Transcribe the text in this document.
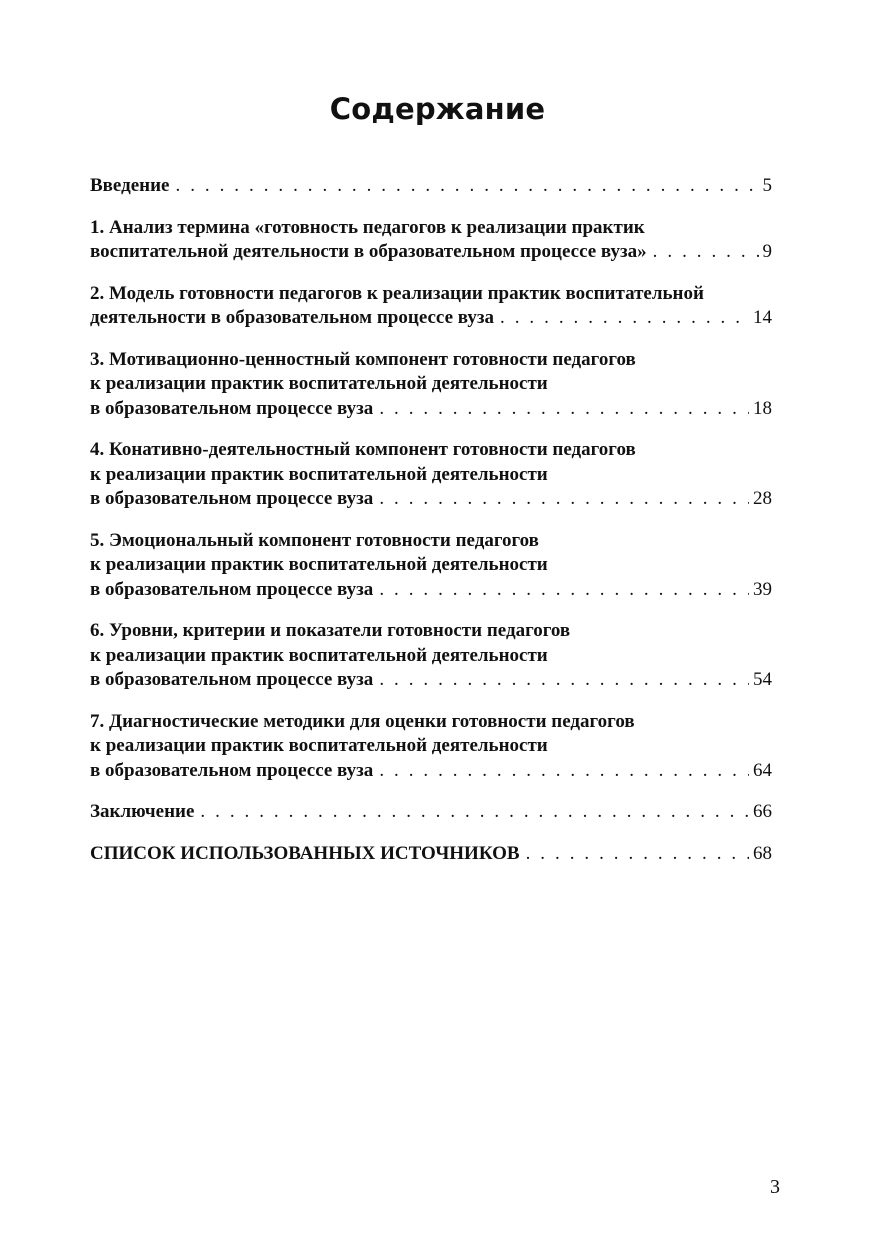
Содержание
Введение . . .	5
1. Анализ термина «готовность педагогов к реализации практик
воспитательной деятельности в образовательном процессе вуза» . . .	9
2. Модель готовности педагогов к реализации практик воспитательной
деятельности в образовательном процессе вуза . . .	14
3. Мотивационно-ценностный компонент готовности педагогов
к реализации практик воспитательной деятельности
в образовательном процессе вуза . . .	18
4. Конативно-деятельностный компонент готовности педагогов
к реализации практик воспитательной деятельности
в образовательном процессе вуза . . .	28
5. Эмоциональный компонент готовности педагогов
к реализации практик воспитательной деятельности
в образовательном процессе вуза . . .	39
6. Уровни, критерии и показатели готовности педагогов
к реализации практик воспитательной деятельности
в образовательном процессе вуза . . .	54
7. Диагностические методики для оценки готовности педагогов
к реализации практик воспитательной деятельности
в образовательном процессе вуза . . .	64
Заключение . . .	66
СПИСОК ИСПОЛЬЗОВАННЫХ ИСТОЧНИКОВ . . .	68
3
